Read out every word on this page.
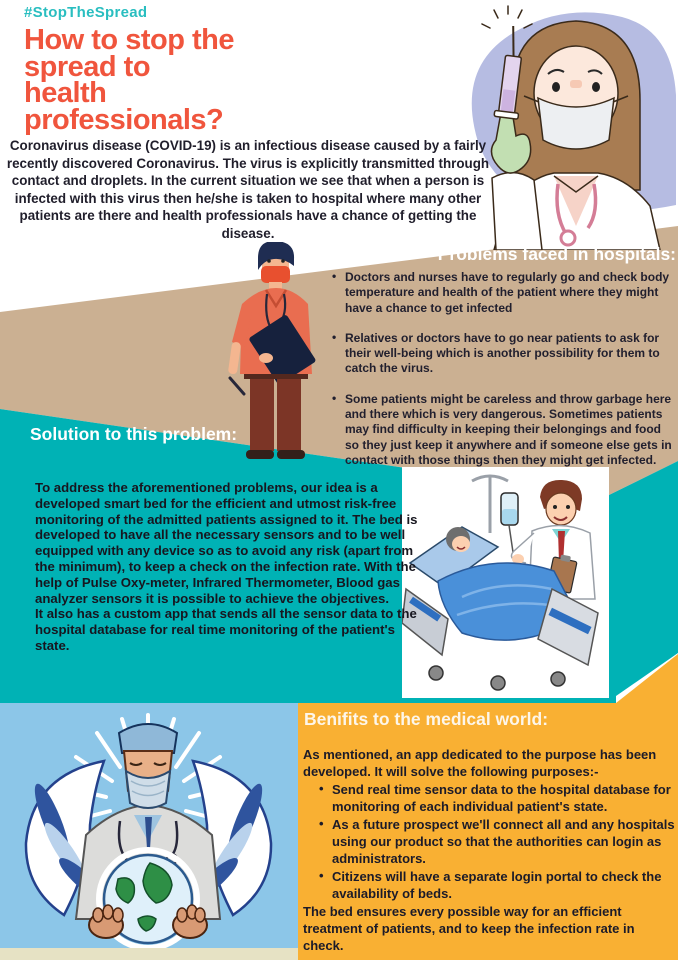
#StopTheSpread
How to stop the
spread to
health
professionals?
Coronavirus disease (COVID-19) is an infectious disease caused by a fairly recently discovered Coronavirus. The virus is explicitly transmitted through contact and droplets. In the current situation we see that when a person is infected with this virus then he/she is taken to hospital where many other patients are there and health professionals have a chance of getting the disease.
Problems faced in hospitals:
• Doctors and nurses have to regularly go and check body temperature and health of the patient where they might have a chance to get infected
• Relatives or doctors have to go near patients to ask for their well-being which is another possibility for them to catch the virus.
• Some patients might be careless and throw garbage here and there which is very dangerous. Sometimes patients may find difficulty in keeping their belongings and food so they just keep it anywhere and if someone else gets in contact with those things then they might get infected.
Solution to this problem:
To address the aforementioned problems, our idea is a developed smart bed for the efficient and utmost risk-free monitoring of the admitted patients assigned to it. The bed is developed to have all the necessary sensors and to be well equipped with any device so as to avoid any risk (apart from the minimum), to keep a check on the infection rate. With the help of Pulse Oxy-meter, Infrared Thermometer, Blood gas analyzer sensors it is possible to achieve the objectives.
It also has a custom app that sends all the sensor data to the hospital database for real time monitoring of the patient's state.
Benifits to the medical world:
As mentioned, an app dedicated to the purpose has been developed. It will solve the following purposes:-
• Send real time sensor data to the hospital database for monitoring of each individual patient's state.
• As a future prospect we'll connect all and any hospitals using our product so that the authorities can login as administrators.
• Citizens will have a separate login portal to check the availability of beds.
The bed ensures every possible way for an efficient treatment of patients, and to keep the infection rate in check.
